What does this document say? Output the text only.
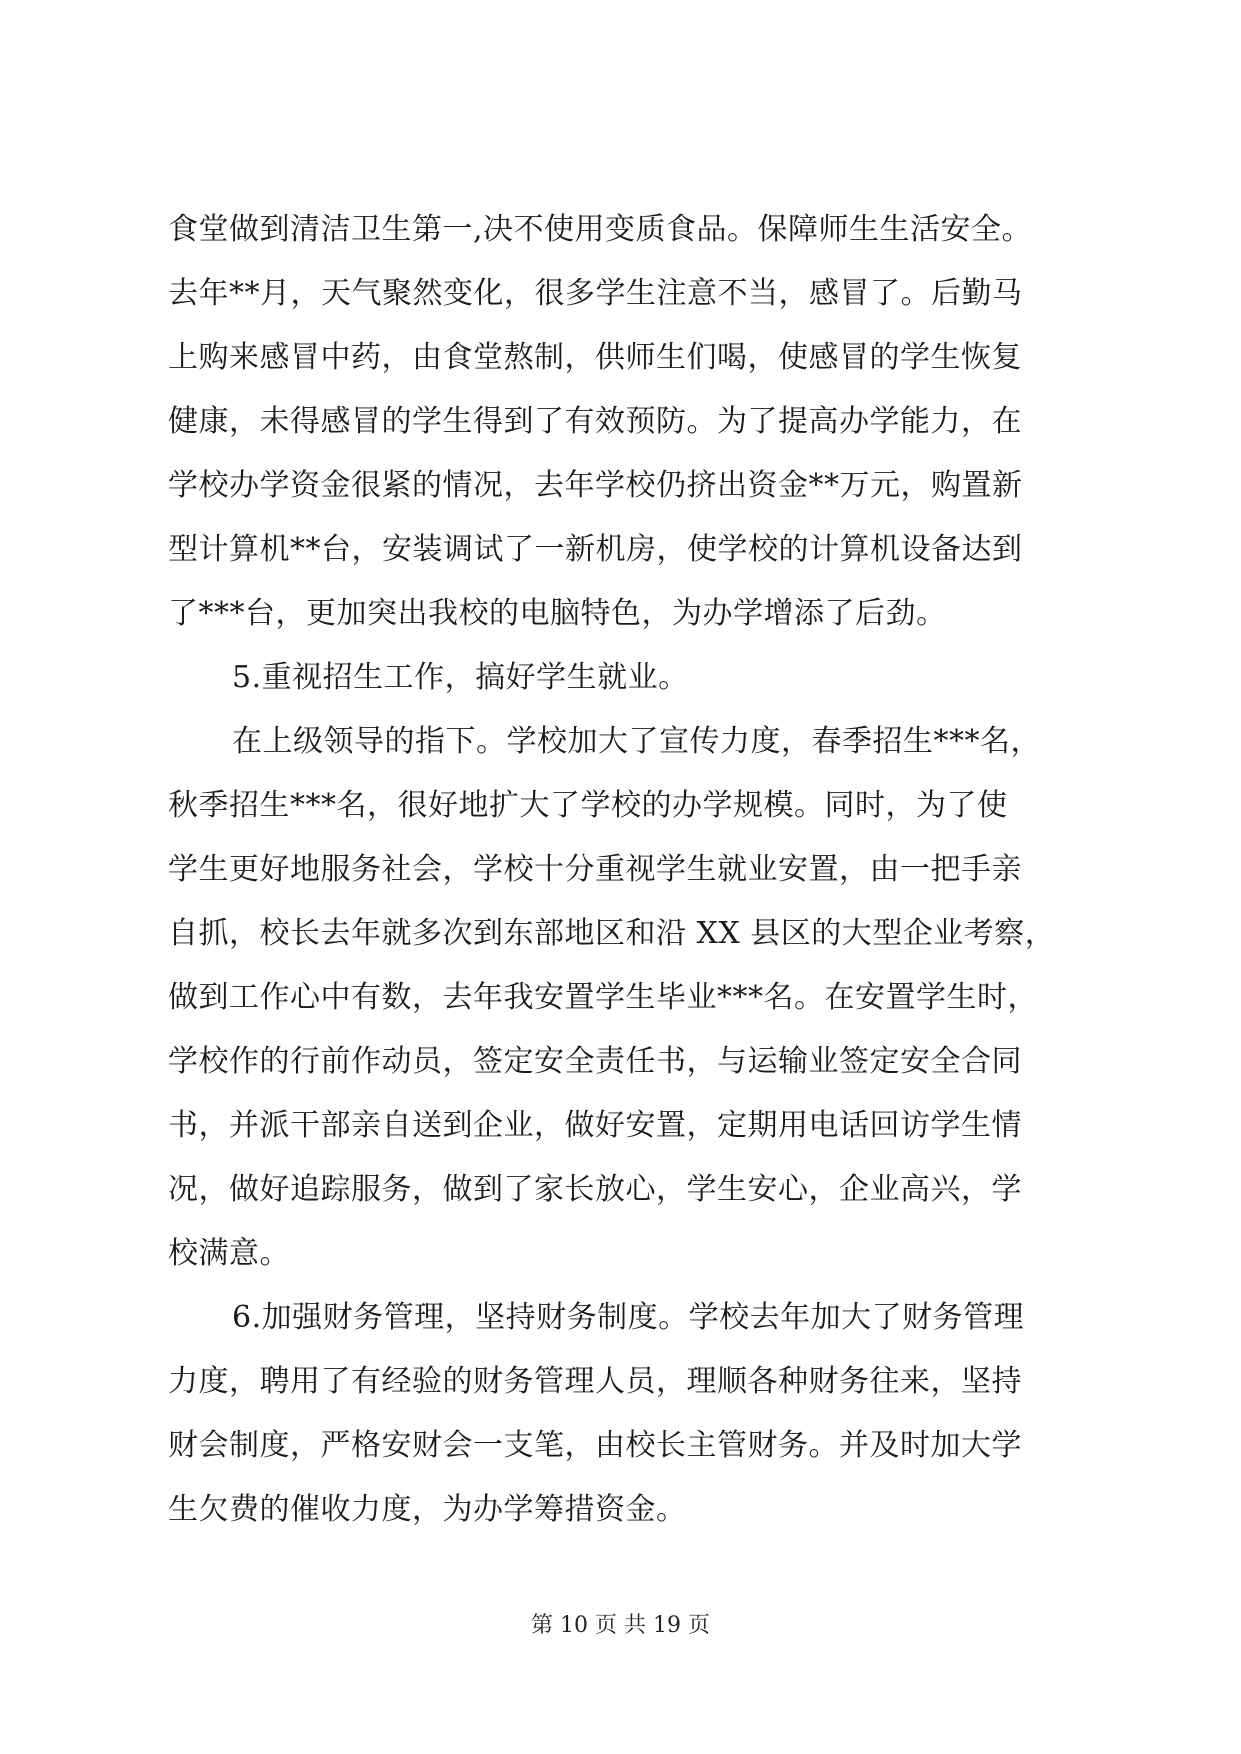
食堂做到清洁卫生第一,决不使用变质食品。保障师生生活安全。
去年**月，天气聚然变化，很多学生注意不当，感冒了。后勤马
上购来感冒中药，由食堂熬制，供师生们喝，使感冒的学生恢复
健康，未得感冒的学生得到了有效预防。为了提高办学能力，在
学校办学资金很紧的情况，去年学校仍挤出资金**万元，购置新
型计算机**台，安装调试了一新机房，使学校的计算机设备达到
了***台，更加突出我校的电脑特色，为办学增添了后劲。
5.重视招生工作，搞好学生就业。
在上级领导的指下。学校加大了宣传力度，春季招生***名，
秋季招生***名，很好地扩大了学校的办学规模。同时，为了使
学生更好地服务社会，学校十分重视学生就业安置，由一把手亲
自抓，校长去年就多次到东部地区和沿 XX 县区的大型企业考察，
做到工作心中有数，去年我安置学生毕业***名。在安置学生时，
学校作的行前作动员，签定安全责任书，与运输业签定安全合同
书，并派干部亲自送到企业，做好安置，定期用电话回访学生情
况，做好追踪服务，做到了家长放心，学生安心，企业高兴，学
校满意。
6.加强财务管理，坚持财务制度。学校去年加大了财务管理
力度，聘用了有经验的财务管理人员，理顺各种财务往来，坚持
财会制度，严格安财会一支笔，由校长主管财务。并及时加大学
生欠费的催收力度，为办学筹措资金。
第 10 页 共 19 页
